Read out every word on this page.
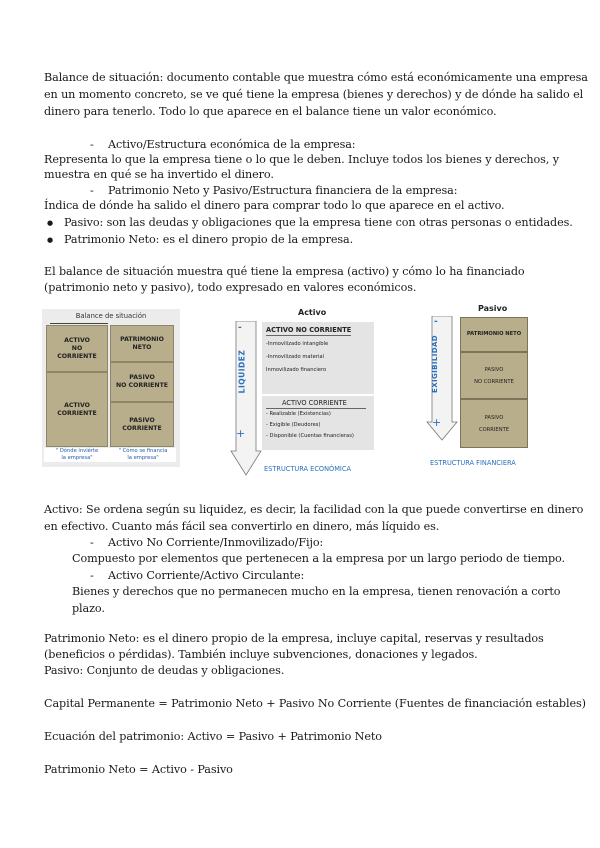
Balance de situación: documento contable que muestra cómo está económicamente una empresa
en un momento concreto, se ve qué tiene la empresa (bienes y derechos) y de dónde ha salido el
dinero para tenerlo. Todo lo que aparece en el balance tiene un valor económico.
- Activo/Estructura económica de la empresa:
Representa lo que la empresa tiene o lo que le deben. Incluye todos los bienes y derechos, y
muestra en qué se ha invertido el dinero.
- Patrimonio Neto y Pasivo/Estructura financiera de la empresa:
Índica de dónde ha salido el dinero para comprar todo lo que aparece en el activo.
● Pasivo: son las deudas y obligaciones que la empresa tiene con otras personas o entidades.
● Patrimonio Neto: es el dinero propio de la empresa.
El balance de situación muestra qué tiene la empresa (activo) y cómo lo ha financiado
(patrimonio neto y pasivo), todo expresado en valores económicos.
Balance de situación
ACTIVO
NO
CORRIENTE
ACTIVO
CORRIENTE
PATRIMONIO
NETO
PASIVO
NO CORRIENTE
PASIVO
CORRIENTE
" Dónde inviérte
la empresa"
" Cómo se financia
la empresa"
Activo
-
+
LIQUIDEZ
ACTIVO NO CORRIENTE
-Inmovilizado intangible
-Inmovilizado material
Inmovilizado financiero
ACTIVO CORRIENTE
- Realizable (Existencias)
- Exigible (Deudores)
- Disponible (Cuentas financieras)
ESTRUCTURA ECONÓMICA
Pasivo
-
+
EXIGIBILIDAD
PATRIMONIO NETO
PASIVO
NO CORRIENTE
PASIVO
CORRIENTE
ESTRUCTURA FINANCIERA
Activo: Se ordena según su liquidez, es decir, la facilidad con la que puede convertirse en dinero
en efectivo. Cuanto más fácil sea convertirlo en dinero, más líquido es.
- Activo No Corriente/Inmovilizado/Fijo:
Compuesto por elementos que pertenecen a la empresa por un largo periodo de tiempo.
- Activo Corriente/Activo Circulante:
Bienes y derechos que no permanecen mucho en la empresa, tienen renovación a corto
plazo.
Patrimonio Neto: es el dinero propio de la empresa, incluye capital, reservas y resultados
(beneficios o pérdidas). También incluye subvenciones, donaciones y legados.
Pasivo: Conjunto de deudas y obligaciones.
Capital Permanente = Patrimonio Neto + Pasivo No Corriente (Fuentes de financiación estables)
Ecuación del patrimonio: Activo = Pasivo + Patrimonio Neto
Patrimonio Neto = Activo - Pasivo
